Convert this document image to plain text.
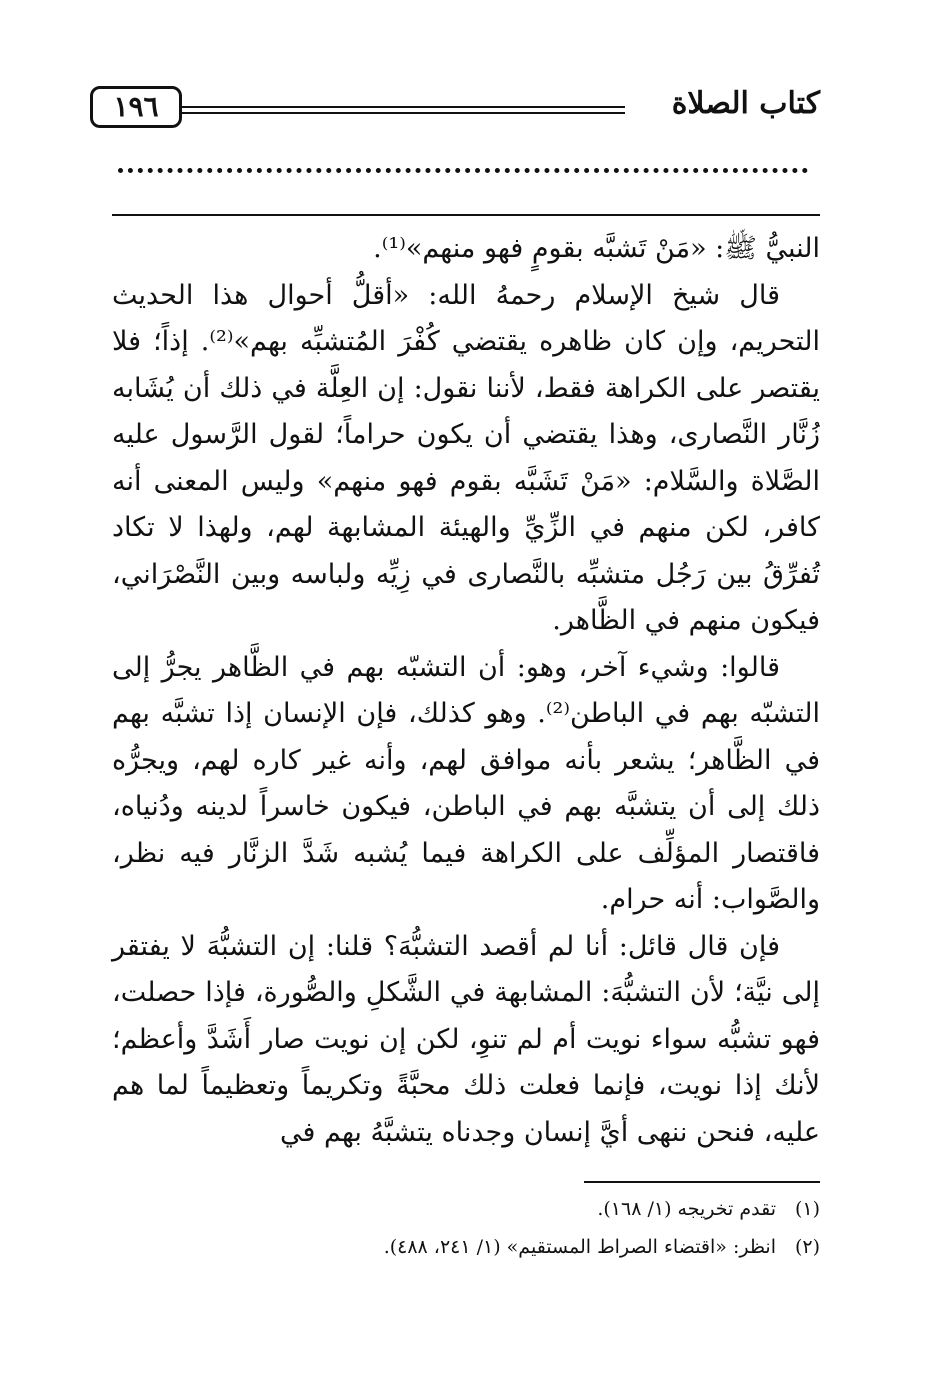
١٩٦	كتاب الصلاة

النبيُّ ﷺ: «مَنْ تَشبَّه بقومٍ فهو منهم»⁽¹⁾.

قال شيخ الإسلام رحمهُ الله: «أقلُّ أحوال هذا الحديث التحريم، وإن كان ظاهره يقتضي كُفْرَ المُتشبِّه بهم»⁽²⁾. إذاً؛ فلا يقتصر على الكراهة فقط، لأننا نقول: إن العِلَّة في ذلك أن يُشَابه زُنَّار النَّصارى، وهذا يقتضي أن يكون حراماً؛ لقول الرَّسول عليه الصَّلاة والسَّلام: «مَنْ تَشَبَّه بقوم فهو منهم» وليس المعنى أنه كافر، لكن منهم في الزِّيِّ والهيئة المشابهة لهم، ولهذا لا تكاد تُفرِّقُ بين رَجُل متشبِّه بالنَّصارى في زِيِّه ولباسه وبين النَّصْرَاني، فيكون منهم في الظَّاهر.

قالوا: وشيء آخر، وهو: أن التشبّه بهم في الظَّاهر يجرُّ إلى التشبّه بهم في الباطن⁽²⁾. وهو كذلك، فإن الإنسان إذا تشبَّه بهم في الظَّاهر؛ يشعر بأنه موافق لهم، وأنه غير كاره لهم، ويجرُّه ذلك إلى أن يتشبَّه بهم في الباطن، فيكون خاسراً لدينه ودُنياه، فاقتصار المؤلِّف على الكراهة فيما يُشبه شَدَّ الزنَّار فيه نظر، والصَّواب: أنه حرام.

فإن قال قائل: أنا لم أقصد التشبُّهَ؟ قلنا: إن التشبُّهَ لا يفتقر إلى نيَّة؛ لأن التشبُّهَ: المشابهة في الشَّكلِ والصُّورة، فإذا حصلت، فهو تشبُّه سواء نويت أم لم تنوِ، لكن إن نويت صار أَشَدَّ وأعظم؛ لأنك إذا نويت، فإنما فعلت ذلك محبَّةً وتكريماً وتعظيماً لما هم عليه، فنحن ننهى أيَّ إنسان وجدناه يتشبَّهُ بهم في

(١)
تقدم تخريجه (١/ ١٦٨).
(٢)
انظر: «اقتضاء الصراط المستقيم» (١/ ٢٤١، ٤٨٨).
